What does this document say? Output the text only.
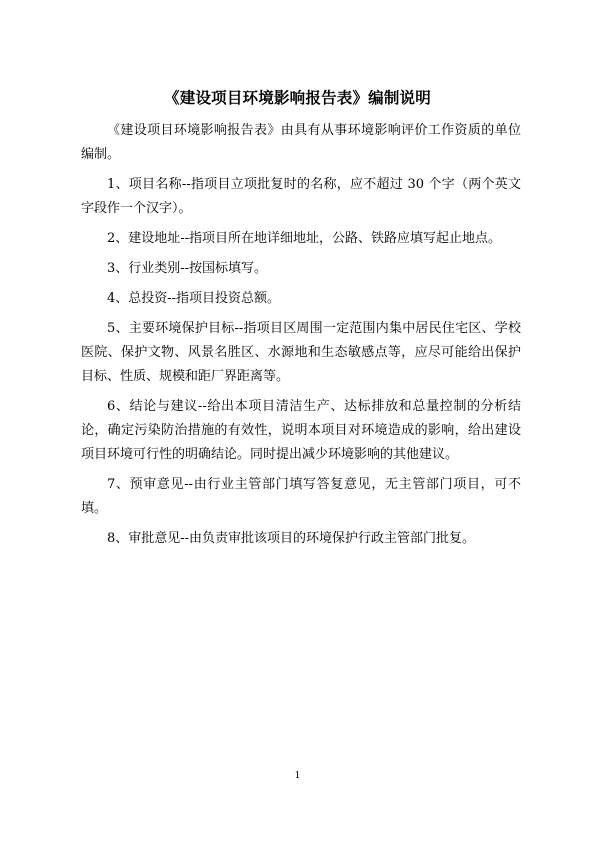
《建设项目环境影响报告表》编制说明

《建设项目环境影响报告表》由具有从事环境影响评价工作资质的单位编制。

1、项目名称--指项目立项批复时的名称，应不超过 30 个字（两个英文字段作一个汉字）。

2、建设地址--指项目所在地详细地址，公路、铁路应填写起止地点。

3、行业类别--按国标填写。

4、总投资--指项目投资总额。

5、主要环境保护目标--指项目区周围一定范围内集中居民住宅区、学校医院、保护文物、风景名胜区、水源地和生态敏感点等，应尽可能给出保护目标、性质、规模和距厂界距离等。

6、结论与建议--给出本项目清洁生产、达标排放和总量控制的分析结论，确定污染防治措施的有效性，说明本项目对环境造成的影响，给出建设项目环境可行性的明确结论。同时提出减少环境影响的其他建议。

7、预审意见--由行业主管部门填写答复意见，无主管部门项目，可不填。

8、审批意见--由负责审批该项目的环境保护行政主管部门批复。

1
